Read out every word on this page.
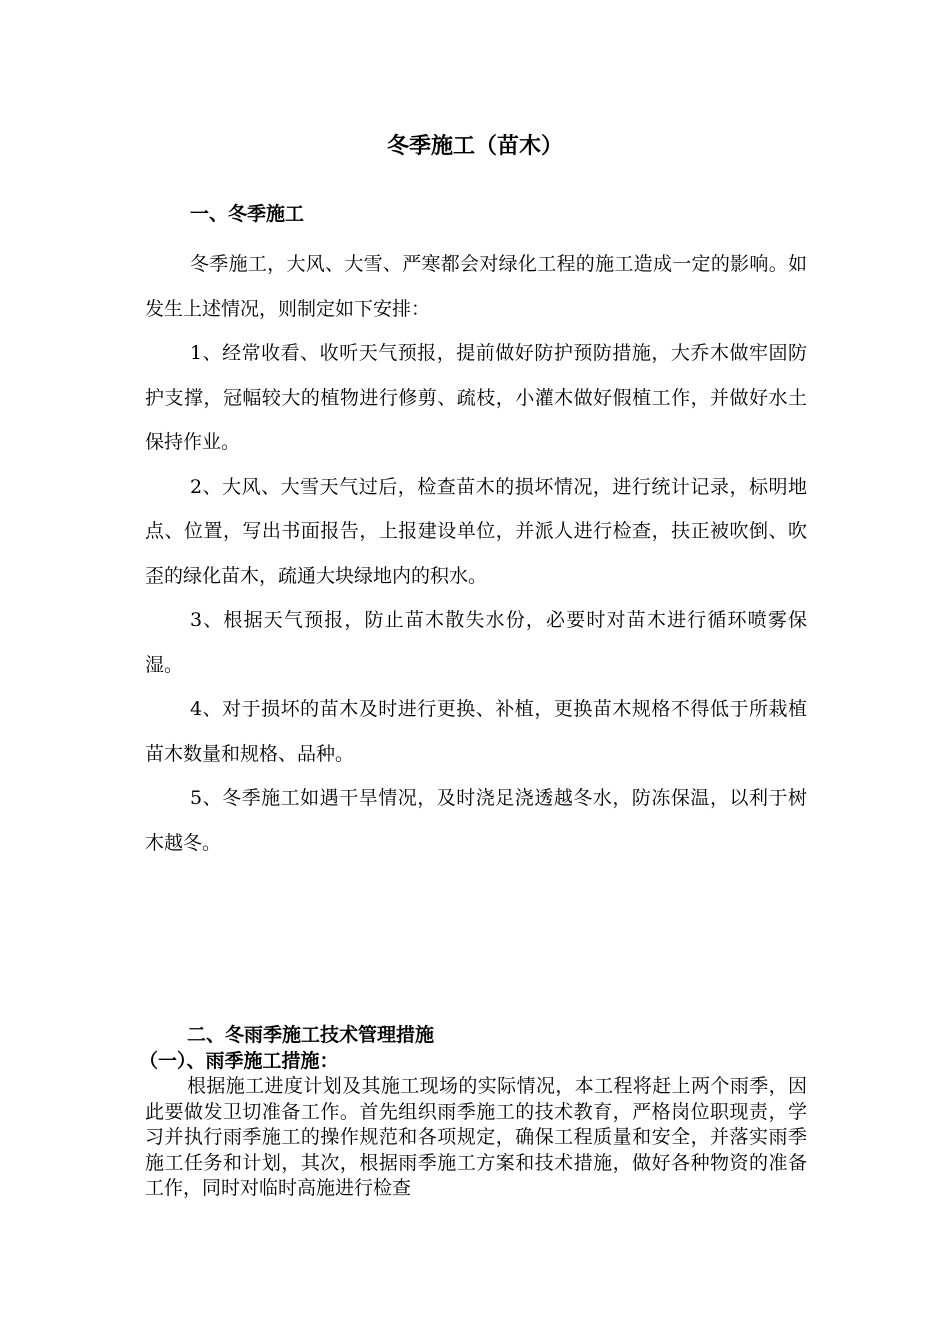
冬季施工（苗木）
一、冬季施工

冬季施工，大风、大雪、严寒都会对绿化工程的施工造成一定的影响。如发生上述情况，则制定如下安排：

1、经常收看、收听天气预报，提前做好防护预防措施，大乔木做牢固防护支撑，冠幅较大的植物进行修剪、疏枝，小灌木做好假植工作，并做好水土保持作业。

2、大风、大雪天气过后，检查苗木的损坏情况，进行统计记录，标明地点、位置，写出书面报告，上报建设单位，并派人进行检查，扶正被吹倒、吹歪的绿化苗木，疏通大块绿地内的积水。

3、根据天气预报，防止苗木散失水份，必要时对苗木进行循环喷雾保湿。

4、对于损坏的苗木及时进行更换、补植，更换苗木规格不得低于所栽植苗木数量和规格、品种。

5、冬季施工如遇干旱情况，及时浇足浇透越冬水，防冻保温，以利于树木越冬。

二、冬雨季施工技术管理措施
（一）、雨季施工措施：

根据施工进度计划及其施工现场的实际情况，本工程将赶上两个雨季，因此要做发卫切准备工作。首先组织雨季施工的技术教育，严格岗位职现责，学习并执行雨季施工的操作规范和各项规定，确保工程质量和安全，并落实雨季施工任务和计划，其次，根据雨季施工方案和技术措施，做好各种物资的准备工作，同时对临时高施进行检查
